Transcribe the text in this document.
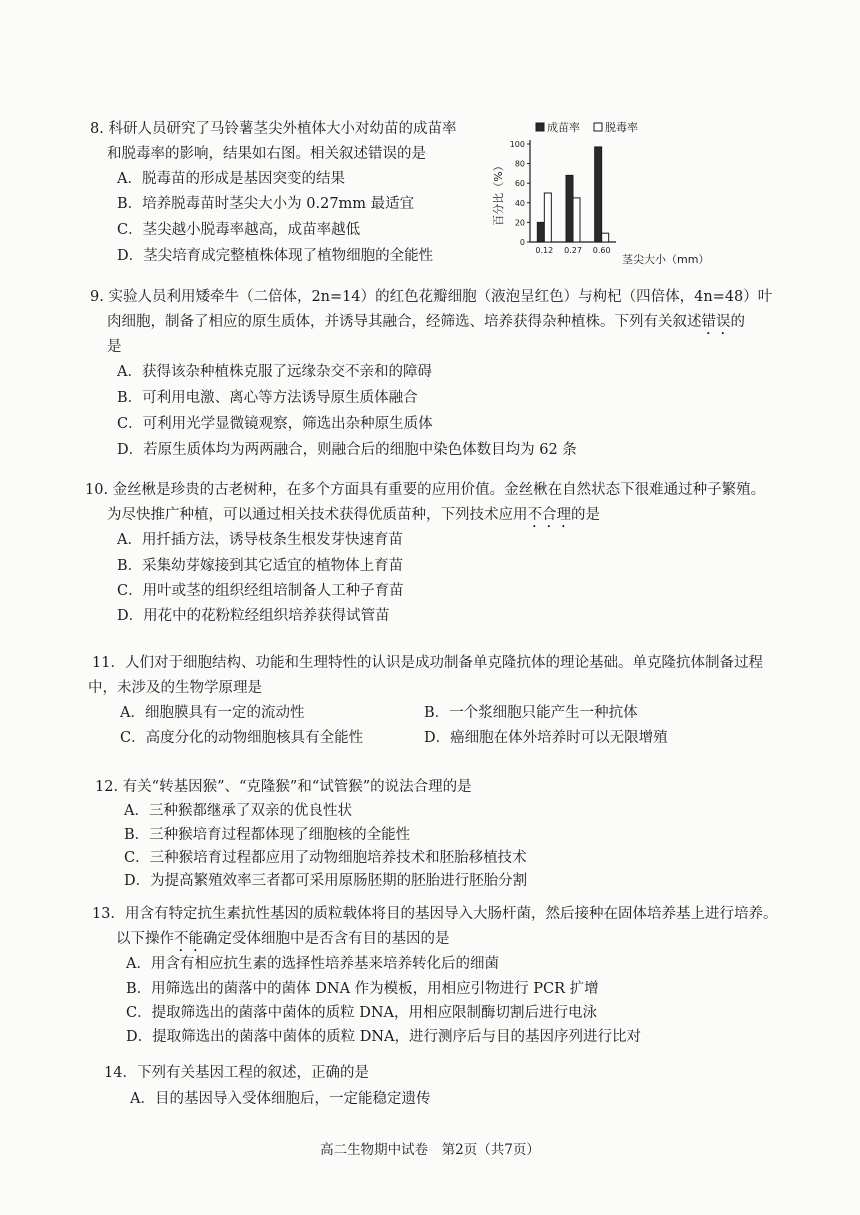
8. 科研人员研究了马铃薯茎尖外植体大小对幼苗的成苗率
和脱毒率的影响，结果如右图。相关叙述错误的是
A．脱毒苗的形成是基因突变的结果
B．培养脱毒苗时茎尖大小为 0.27mm 最适宜
C．茎尖越小脱毒率越高，成苗率越低
D．茎尖培育成完整植株体现了植物细胞的全能性
成苗率 脱毒率
0
20
40
60
80
100
百分比（%）
0.12 0.27 0.60
茎尖大小（mm）
9. 实验人员利用矮牵牛（二倍体，2n=14）的红色花瓣细胞（液泡呈红色）与枸杞（四倍体，4n=48）叶
肉细胞，制备了相应的原生质体，并诱导其融合，经筛选、培养获得杂种植株。下列有关叙述错误的
是
A．获得该杂种植株克服了远缘杂交不亲和的障碍
B．可利用电激、离心等方法诱导原生质体融合
C．可利用光学显微镜观察，筛选出杂种原生质体
D．若原生质体均为两两融合，则融合后的细胞中染色体数目均为 62 条
10. 金丝楸是珍贵的古老树种，在多个方面具有重要的应用价值。金丝楸在自然状态下很难通过种子繁殖。
为尽快推广种植，可以通过相关技术获得优质苗种，下列技术应用不合理的是
A．用扦插方法，诱导枝条生根发芽快速育苗
B．采集幼芽嫁接到其它适宜的植物体上育苗
C．用叶或茎的组织经组培制备人工种子育苗
D．用花中的花粉粒经组织培养获得试管苗
11．人们对于细胞结构、功能和生理特性的认识是成功制备单克隆抗体的理论基础。单克隆抗体制备过程
中，未涉及的生物学原理是
A．细胞膜具有一定的流动性	B．一个浆细胞只能产生一种抗体
C．高度分化的动物细胞核具有全能性	D．癌细胞在体外培养时可以无限增殖
12. 有关“转基因猴”、“克隆猴”和“试管猴”的说法合理的是
A．三种猴都继承了双亲的优良性状
B．三种猴培育过程都体现了细胞核的全能性
C．三种猴培育过程都应用了动物细胞培养技术和胚胎移植技术
D．为提高繁殖效率三者都可采用原肠胚期的胚胎进行胚胎分割
13．用含有特定抗生素抗性基因的质粒载体将目的基因导入大肠杆菌，然后接种在固体培养基上进行培养。
以下操作不能确定受体细胞中是否含有目的基因的是
A．用含有相应抗生素的选择性培养基来培养转化后的细菌
B．用筛选出的菌落中的菌体 DNA 作为模板，用相应引物进行 PCR 扩增
C．提取筛选出的菌落中菌体的质粒 DNA，用相应限制酶切割后进行电泳
D．提取筛选出的菌落中菌体的质粒 DNA，进行测序后与目的基因序列进行比对
14．下列有关基因工程的叙述，正确的是
A．目的基因导入受体细胞后，一定能稳定遗传
高二生物期中试卷　第2页（共7页）
